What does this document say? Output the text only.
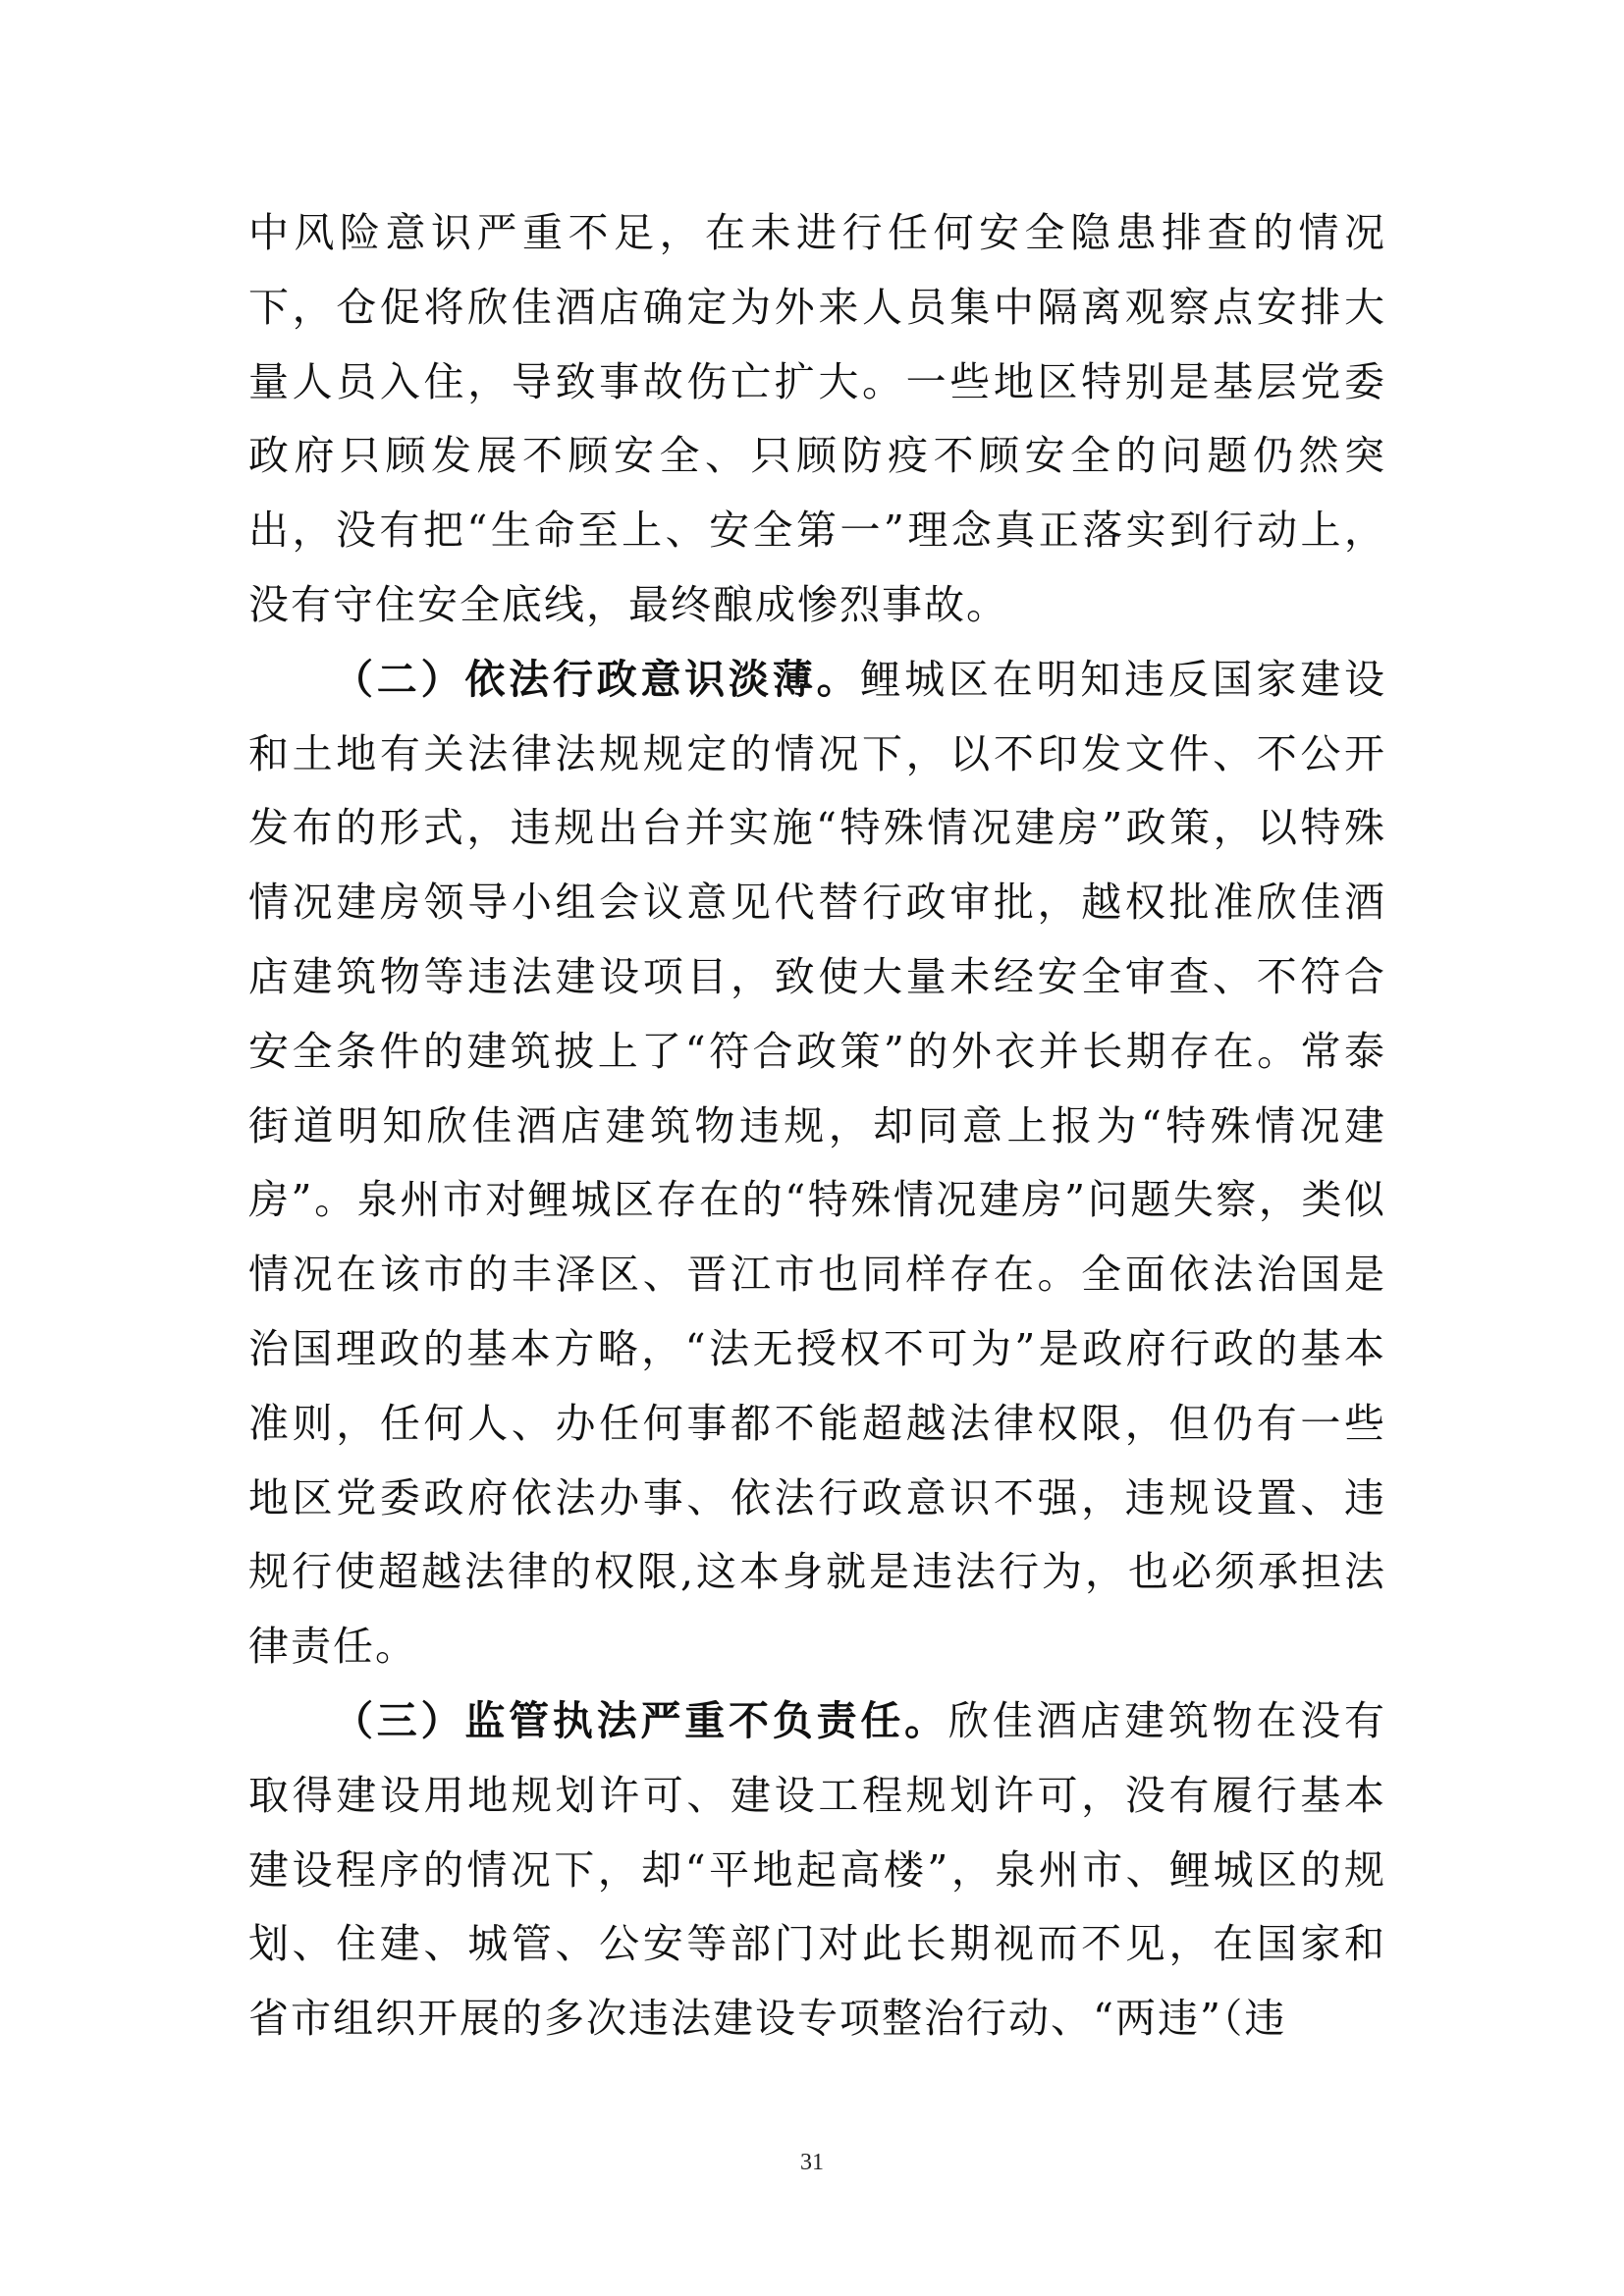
中风险意识严重不足，在未进行任何安全隐患排查的情况下，仓促将欣佳酒店确定为外来人员集中隔离观察点安排大量人员入住，导致事故伤亡扩大。一些地区特别是基层党委政府只顾发展不顾安全、只顾防疫不顾安全的问题仍然突出，没有把“生命至上、安全第一”理念真正落实到行动上，没有守住安全底线，最终酿成惨烈事故。

（二）依法行政意识淡薄。鲤城区在明知违反国家建设和土地有关法律法规规定的情况下，以不印发文件、不公开发布的形式，违规出台并实施“特殊情况建房”政策，以特殊情况建房领导小组会议意见代替行政审批，越权批准欣佳酒店建筑物等违法建设项目，致使大量未经安全审查、不符合安全条件的建筑披上了“符合政策”的外衣并长期存在。常泰街道明知欣佳酒店建筑物违规，却同意上报为“特殊情况建房”。泉州市对鲤城区存在的“特殊情况建房”问题失察，类似情况在该市的丰泽区、晋江市也同样存在。全面依法治国是治国理政的基本方略，“法无授权不可为”是政府行政的基本准则，任何人、办任何事都不能超越法律权限，但仍有一些地区党委政府依法办事、依法行政意识不强，违规设置、违规行使超越法律的权限,这本身就是违法行为，也必须承担法律责任。

（三）监管执法严重不负责任。欣佳酒店建筑物在没有取得建设用地规划许可、建设工程规划许可，没有履行基本建设程序的情况下，却“平地起高楼”，泉州市、鲤城区的规划、住建、城管、公安等部门对此长期视而不见，在国家和省市组织开展的多次违法建设专项整治行动、“两违”（违

31
